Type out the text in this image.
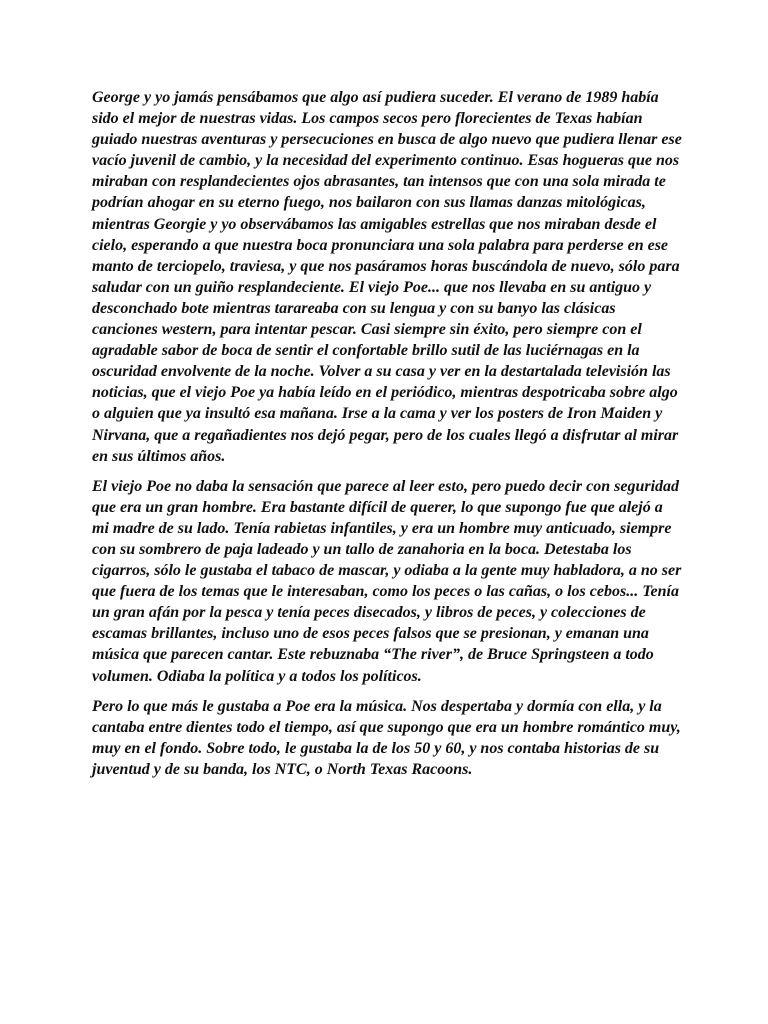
George y yo jamás pensábamos que algo así pudiera suceder. El verano de 1989 había sido el mejor de nuestras vidas. Los campos secos pero florecientes de Texas habían guiado nuestras aventuras y persecuciones en busca de algo nuevo que pudiera llenar ese vacío juvenil de cambio, y la necesidad del experimento continuo. Esas hogueras que nos miraban con resplandecientes ojos abrasantes, tan intensos que con una sola mirada te podrían ahogar en su eterno fuego, nos bailaron con sus llamas danzas mitológicas, mientras Georgie y yo observábamos las amigables estrellas que nos miraban desde el cielo, esperando a que nuestra boca pronunciara una sola palabra para perderse en ese manto de terciopelo, traviesa, y que nos pasáramos horas buscándola de nuevo, sólo para saludar con un guiño resplandeciente. El viejo Poe... que nos llevaba en su antiguo y desconchado bote mientras tarareaba con su lengua y con su banyo las clásicas canciones western, para intentar pescar. Casi siempre sin éxito, pero siempre con el agradable sabor de boca de sentir el confortable brillo sutil de las luciérnagas en la oscuridad envolvente de la noche. Volver a su casa y ver en la destartalada televisión las noticias, que el viejo Poe ya había leído en el periódico, mientras despotricaba sobre algo o alguien que ya insultó esa mañana. Irse a la cama y ver los posters de Iron Maiden y Nirvana, que a regañadientes nos dejó pegar, pero de los cuales llegó a disfrutar al mirar en sus últimos años.

El viejo Poe no daba la sensación que parece al leer esto, pero puedo decir con seguridad que era un gran hombre. Era bastante difícil de querer, lo que supongo fue que alejó a mi madre de su lado. Tenía rabietas infantiles, y era un hombre muy anticuado, siempre con su sombrero de paja ladeado y un tallo de zanahoria en la boca. Detestaba los cigarros, sólo le gustaba el tabaco de mascar, y odiaba a la gente muy habladora, a no ser que fuera de los temas que le interesaban, como los peces o las cañas, o los cebos... Tenía un gran afán por la pesca y tenía peces disecados, y libros de peces, y colecciones de escamas brillantes, incluso uno de esos peces falsos que se presionan, y emanan una música que parecen cantar. Este rebuznaba “The river”, de Bruce Springsteen a todo volumen. Odiaba la política y a todos los políticos.

Pero lo que más le gustaba a Poe era la música. Nos despertaba y dormía con ella, y la cantaba entre dientes todo el tiempo, así que supongo que era un hombre romántico muy, muy en el fondo. Sobre todo, le gustaba la de los 50 y 60, y nos contaba historias de su juventud y de su banda, los NTC, o North Texas Racoons.
